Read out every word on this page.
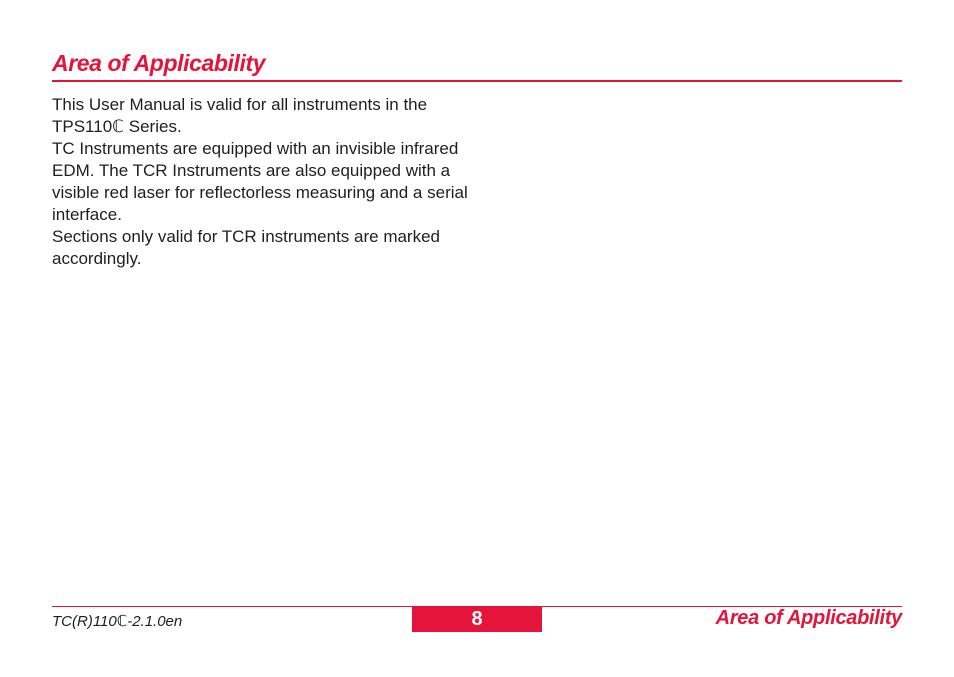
Area of Applicability

This User Manual is valid for all instruments in the TPS110ℂ Series.

TC Instruments are equipped with an invisible infrared EDM. The TCR Instruments are also equipped with a visible red laser for reflectorless measuring and a serial interface.

Sections only valid for TCR instruments are marked accordingly.

TC(R)110ℂ-2.1.0en	8	Area of Applicability
